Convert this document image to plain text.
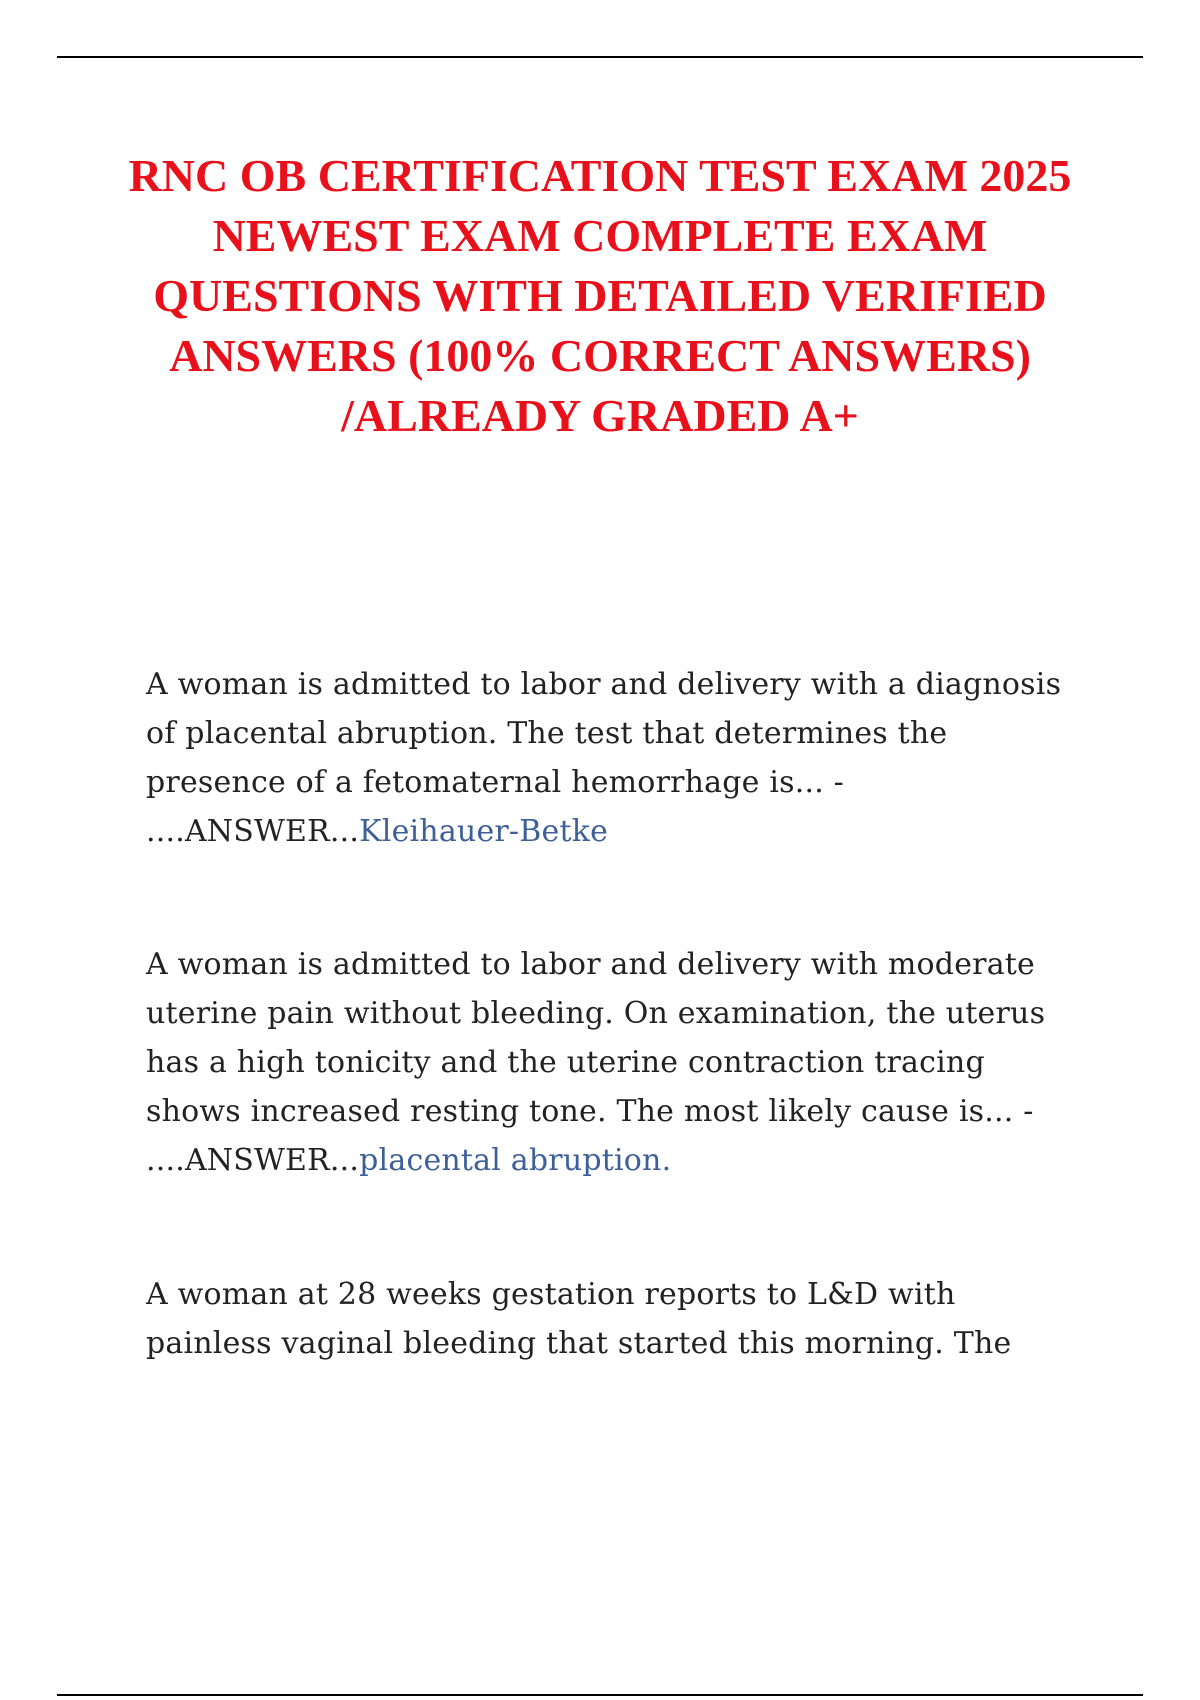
RNC OB CERTIFICATION TEST EXAM 2025 NEWEST EXAM COMPLETE EXAM QUESTIONS WITH DETAILED VERIFIED ANSWERS (100% CORRECT ANSWERS) /ALREADY GRADED A+

A woman is admitted to labor and delivery with a diagnosis of placental abruption. The test that determines the presence of a fetomaternal hemorrhage is... - ....ANSWER...Kleihauer-Betke

A woman is admitted to labor and delivery with moderate uterine pain without bleeding. On examination, the uterus has a high tonicity and the uterine contraction tracing shows increased resting tone. The most likely cause is... - ....ANSWER...placental abruption.

A woman at 28 weeks gestation reports to L&D with painless vaginal bleeding that started this morning. The
